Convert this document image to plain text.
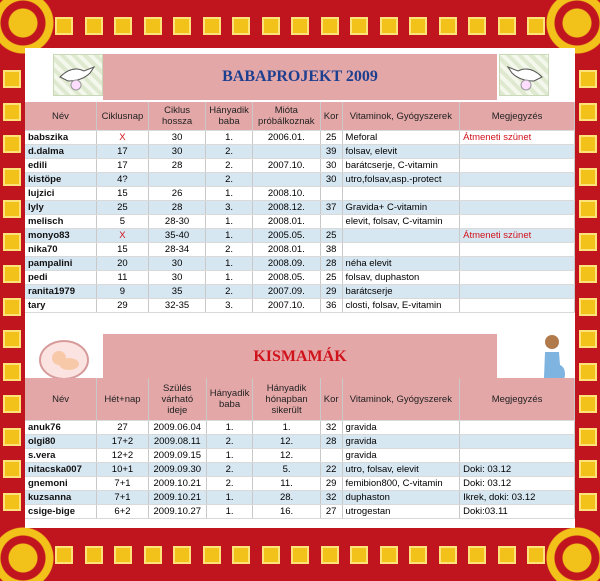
BABAPROJEKT 2009
Név	Ciklusnap	Ciklus hossza	Hányadik baba	Mióta próbálkoznak	Kor	Vitaminok, Gyógyszerek	Megjegyzés
babszika	X	30	1.	2006.01.	25	Meforal	Átmeneti szünet
d.dalma	17	30	2.		39	folsav, elevit	
edili	17	28	2.	2007.10.	30	barátcserje, C-vitamin	
kistöpe	4?		2.		30	utro,folsav,asp.-protect	
lujzici	15	26	1.	2008.10.			
lyly	25	28	3.	2008.12.	37	Gravida+ C-vitamin	
melisch	5	28-30	1.	2008.01.		elevit, folsav, C-vitamin	
monyo83	X	35-40	1.	2005.05.	25		Átmeneti szünet
nika70	15	28-34	2.	2008.01.	38		
pampalini	20	30	1.	2008.09.	28	néha elevit	
pedi	11	30	1.	2008.05.	25	folsav, duphaston	
ranita1979	9	35	2.	2007.09.	29	barátcserje	
tary	29	32-35	3.	2007.10.	36	closti, folsav, E-vitamin	
KISMAMÁK
Név	Hét+nap	Szülés várható ideje	Hányadik baba	Hányadik hónapban sikerült	Kor	Vitaminok, Gyógyszerek	Megjegyzés
anuk76	27	2009.06.04	1.	1.	32	gravida	
olgi80	17+2	2009.08.11	2.	12.	28	gravida	
s.vera	12+2	2009.09.15	1.	12.		gravida	
nitacska007	10+1	2009.09.30	2.	5.	22	utro, folsav, elevit	Doki: 03.12
gnemoni	7+1	2009.10.21	2.	11.	29	femibion800, C-vitamin	Doki: 03.12
kuzsanna	7+1	2009.10.21	1.	28.	32	duphaston	Ikrek, doki: 03.12
csige-bige	6+2	2009.10.27	1.	16.	27	utrogestan	Doki:03.11
